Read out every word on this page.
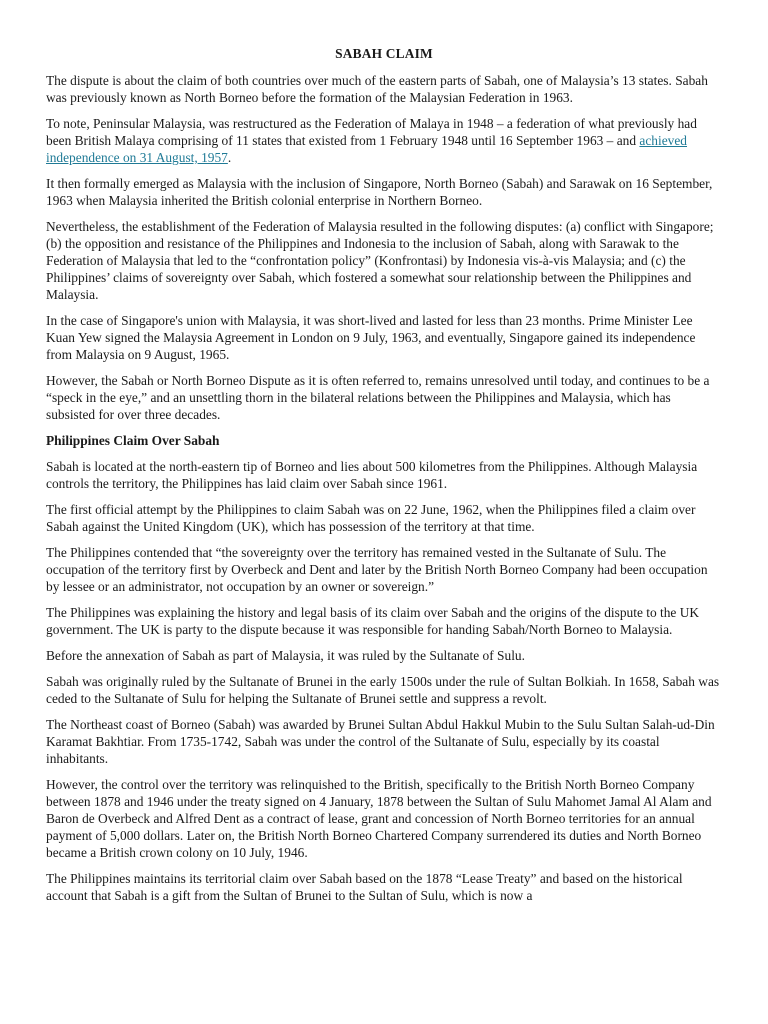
SABAH CLAIM

The dispute is about the claim of both countries over much of the eastern parts of Sabah, one of Malaysia’s 13 states. Sabah was previously known as North Borneo before the formation of the Malaysian Federation in 1963.

To note, Peninsular Malaysia, was restructured as the Federation of Malaya in 1948 – a federation of what previously had been British Malaya comprising of 11 states that existed from 1 February 1948 until 16 September 1963 – and achieved independence on 31 August, 1957.

It then formally emerged as Malaysia with the inclusion of Singapore, North Borneo (Sabah) and Sarawak on 16 September, 1963 when Malaysia inherited the British colonial enterprise in Northern Borneo.

Nevertheless, the establishment of the Federation of Malaysia resulted in the following disputes: (a) conflict with Singapore; (b) the opposition and resistance of the Philippines and Indonesia to the inclusion of Sabah, along with Sarawak to the Federation of Malaysia that led to the “confrontation policy” (Konfrontasi) by Indonesia vis-à-vis Malaysia; and (c) the Philippines’ claims of sovereignty over Sabah, which fostered a somewhat sour relationship between the Philippines and Malaysia.

In the case of Singapore's union with Malaysia, it was short-lived and lasted for less than 23 months. Prime Minister Lee Kuan Yew signed the Malaysia Agreement in London on 9 July, 1963, and eventually, Singapore gained its independence from Malaysia on 9 August, 1965.

However, the Sabah or North Borneo Dispute as it is often referred to, remains unresolved until today, and continues to be a “speck in the eye,” and an unsettling thorn in the bilateral relations between the Philippines and Malaysia, which has subsisted for over three decades.

Philippines Claim Over Sabah

Sabah is located at the north-eastern tip of Borneo and lies about 500 kilometres from the Philippines. Although Malaysia controls the territory, the Philippines has laid claim over Sabah since 1961.

The first official attempt by the Philippines to claim Sabah was on 22 June, 1962, when the Philippines filed a claim over Sabah against the United Kingdom (UK), which has possession of the territory at that time.

The Philippines contended that “the sovereignty over the territory has remained vested in the Sultanate of Sulu. The occupation of the territory first by Overbeck and Dent and later by the British North Borneo Company had been occupation by lessee or an administrator, not occupation by an owner or sovereign.”

The Philippines was explaining the history and legal basis of its claim over Sabah and the origins of the dispute to the UK government. The UK is party to the dispute because it was responsible for handing Sabah/North Borneo to Malaysia.

Before the annexation of Sabah as part of Malaysia, it was ruled by the Sultanate of Sulu.

Sabah was originally ruled by the Sultanate of Brunei in the early 1500s under the rule of Sultan Bolkiah. In 1658, Sabah was ceded to the Sultanate of Sulu for helping the Sultanate of Brunei settle and suppress a revolt.

The Northeast coast of Borneo (Sabah) was awarded by Brunei Sultan Abdul Hakkul Mubin to the Sulu Sultan Salah-ud-Din Karamat Bakhtiar. From 1735-1742, Sabah was under the control of the Sultanate of Sulu, especially by its coastal inhabitants.

However, the control over the territory was relinquished to the British, specifically to the British North Borneo Company between 1878 and 1946 under the treaty signed on 4 January, 1878 between the Sultan of Sulu Mahomet Jamal Al Alam and Baron de Overbeck and Alfred Dent as a contract of lease, grant and concession of North Borneo territories for an annual payment of 5,000 dollars. Later on, the British North Borneo Chartered Company surrendered its duties and North Borneo became a British crown colony on 10 July, 1946.

The Philippines maintains its territorial claim over Sabah based on the 1878 “Lease Treaty” and based on the historical account that Sabah is a gift from the Sultan of Brunei to the Sultan of Sulu, which is now a
